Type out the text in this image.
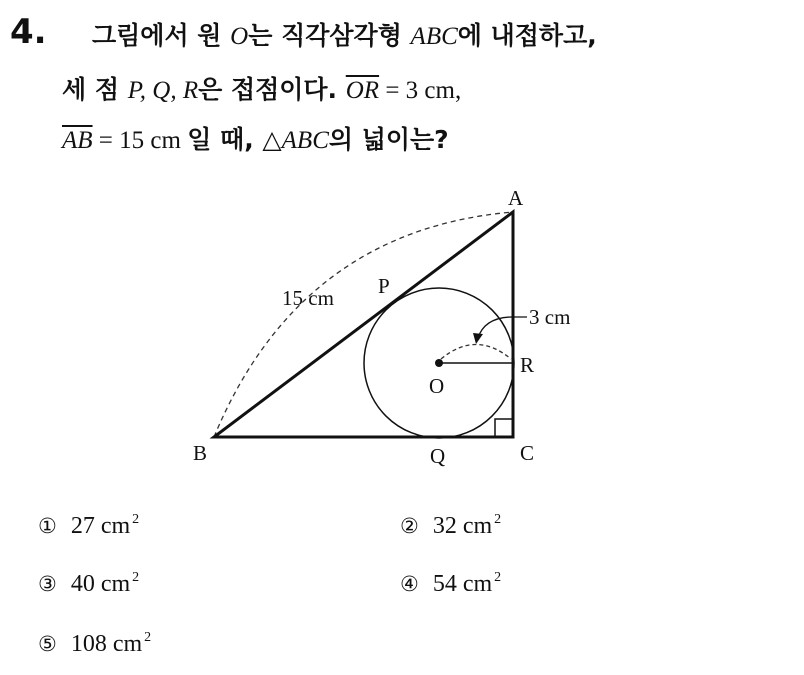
4. 그림에서 원 O는 직각삼각형 ABC에 내접하고,
세 점 P, Q, R은 접점이다. $\overline{OR} = 3$ cm,
$\overline{AB} = 15$ cm 일 때, △ABC의 넓이는?
A
B	C
P
Q
R
O
15 cm
3 cm
① 27 cm $^2$	② 32 cm $^2$
③ 40 cm $^2$	④ 54 cm $^2$
⑤ 108 cm $^2$
